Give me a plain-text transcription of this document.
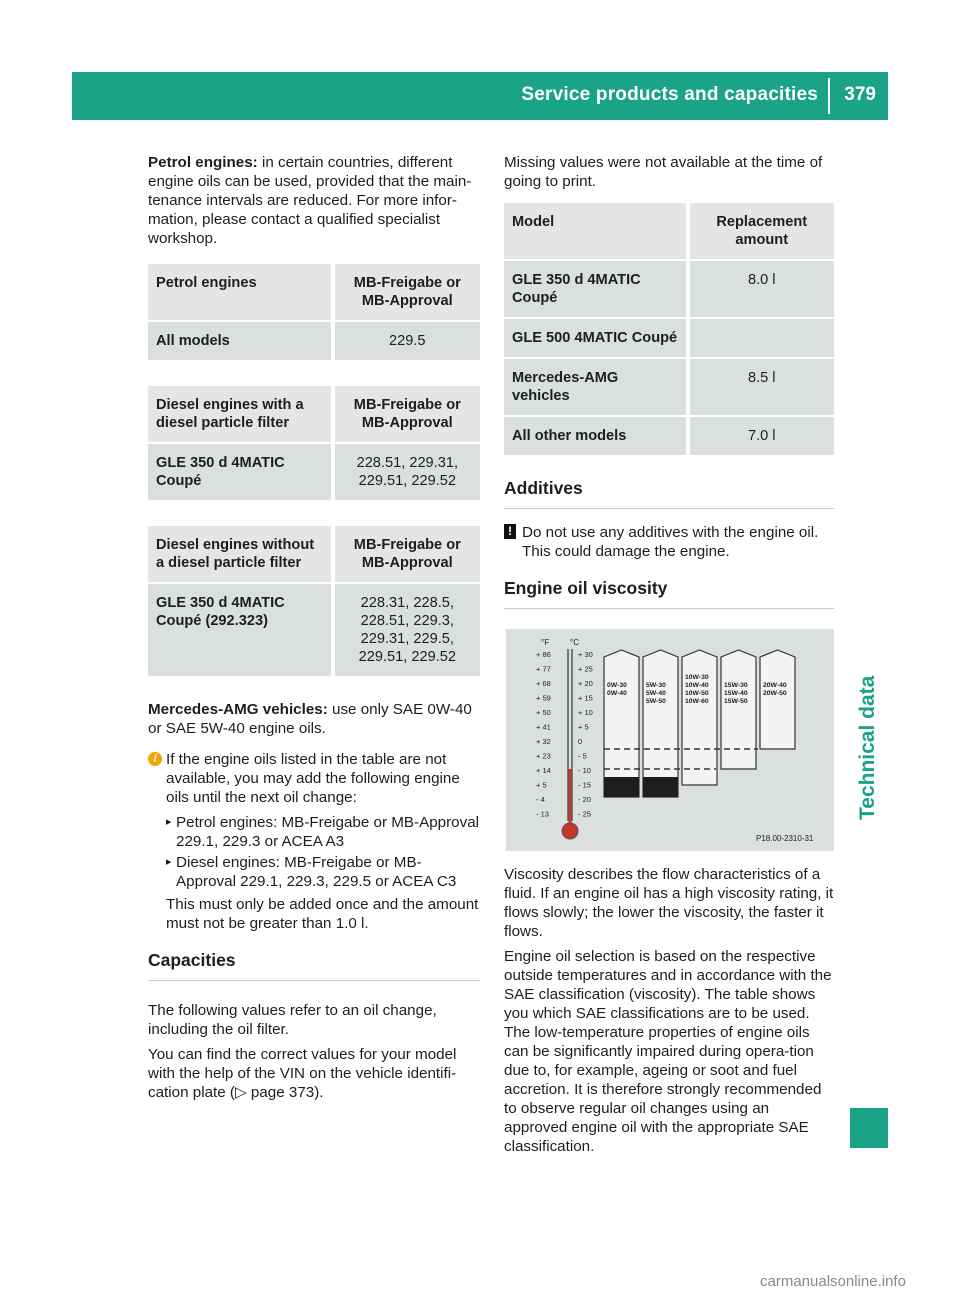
Service products and capacities 379
Technical data

Petrol engines: in certain countries, different engine oils can be used, provided that the main-tenance intervals are reduced. For more infor-mation, please contact a qualified specialist workshop.

Petrol engines	MB-Freigabe or MB-Approval
All models	229.5
Diesel engines with a diesel particle filter	MB-Freigabe or MB-Approval
GLE 350 d 4MATIC Coupé	228.51, 229.31, 229.51, 229.52
Diesel engines without a diesel particle filter	MB-Freigabe or MB-Approval
GLE 350 d 4MATIC Coupé (292.323)	228.31, 228.5, 228.51, 229.3, 229.31, 229.5, 229.51, 229.52

Mercedes-AMG vehicles: use only SAE 0W-40 or SAE 5W-40 engine oils.

i If the engine oils listed in the table are not available, you may add the following engine oils until the next oil change:

▸ Petrol engines: MB-Freigabe or MB-Approval 229.1, 229.3 or ACEA A3
▸ Diesel engines: MB-Freigabe or MB-Approval 229.1, 229.3, 229.5 or ACEA C3

This must only be added once and the amount must not be greater than 1.0 l.

Capacities

The following values refer to an oil change, including the oil filter.

You can find the correct values for your model with the help of the VIN on the vehicle identifi-cation plate (▷ page 373).

Missing values were not available at the time of going to print.

Model	Replacement amount
GLE 350 d 4MATIC Coupé	8.0 l
GLE 500 4MATIC Coupé	
Mercedes-AMG vehicles	8.5 l
All other models	7.0 l
Additives
! Do not use any additives with the engine oil. This could damage the engine.

Engine oil viscosity
°F	°C
+ 86
+ 77
+ 68
+ 59
+ 50
+ 41
+ 32
+ 23
+ 14
+ 5
- 4
- 13
+ 30
+ 25
+ 20
+ 15
+ 10
+ 5
0
- 5
- 10
- 15
- 20
- 25
0W-30
0W-40
5W-30
5W-40
5W-50
10W-30
10W-40
10W-50
10W-60
15W-30
15W-40
15W-50
20W-40
20W-50
P18.00-2310-31

Viscosity describes the flow characteristics of a fluid. If an engine oil has a high viscosity rating, it flows slowly; the lower the viscosity, the faster it flows.

Engine oil selection is based on the respective outside temperatures and in accordance with the SAE classification (viscosity). The table shows you which SAE classifications are to be used. The low-temperature properties of engine oils can be significantly impaired during opera-tion due to, for example, ageing or soot and fuel accretion. It is therefore strongly recommended to observe regular oil changes using an approved engine oil with the appropriate SAE classification.

carmanualsonline.info
